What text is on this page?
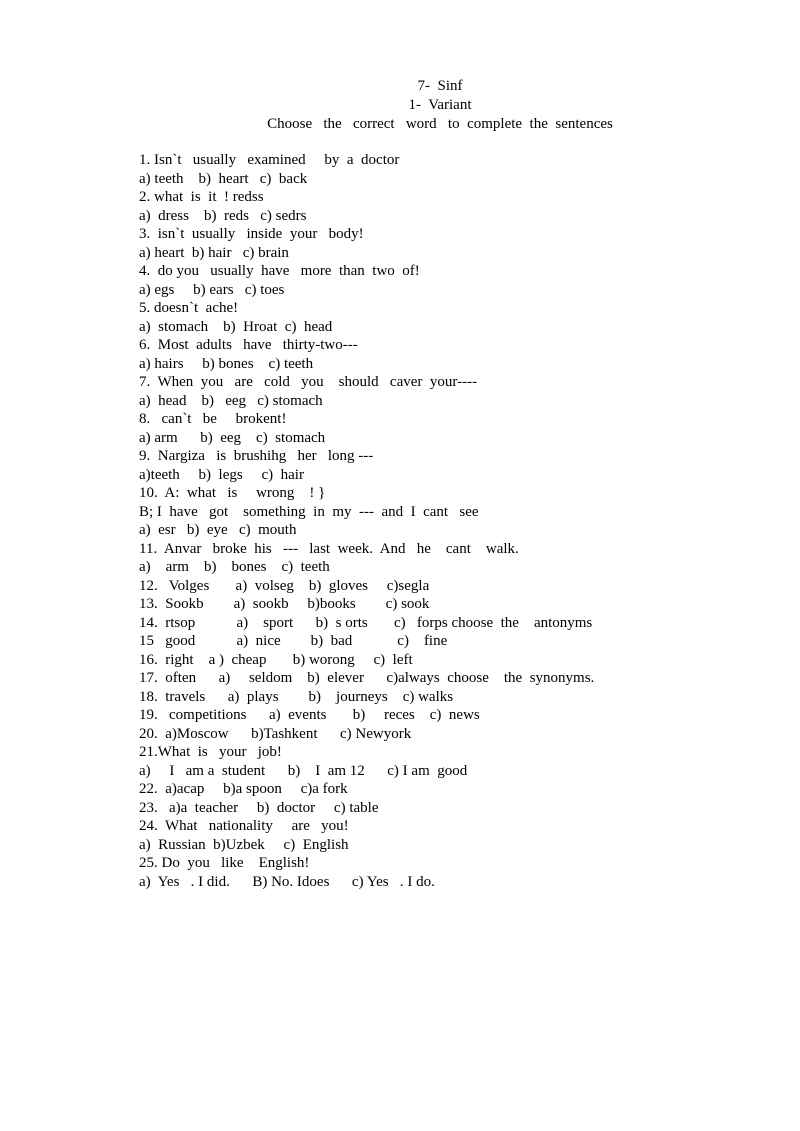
7-  Sinf
1-  Variant
Choose   the   correct   word   to  complete  the  sentences
1. Isn`t   usually   examined     by  a  doctor
a) teeth    b)  heart   c)  back
2. what  is  it  ! redss
a)  dress    b)  reds   c) sedrs
3.  isn`t  usually   inside  your   body!
a) heart  b) hair   c) brain
4.  do you   usually  have   more  than  two  of!
a) egs     b) ears   c) toes
5. doesn`t  ache!
a)  stomach    b)  Hroat  c)  head
6.  Most  adults   have   thirty-two---
a) hairs     b) bones    c) teeth
7.  When  you   are   cold   you    should   caver  your----
a)  head    b)   eeg   c) stomach
8.   can`t   be     brokent!
a) arm      b)  eeg    c)  stomach
9.  Nargiza   is  brushihg   her   long ---
a)teeth     b)  legs     c)  hair
10.  A:  what   is     wrong    ! }
B; I  have   got    something  in  my  ---  and  I  cant   see
a)  esr   b)  eye   c)  mouth
11.  Anvar   broke  his   ---   last  week.  And   he    cant    walk.
a)    arm    b)    bones    c)  teeth
12.   Volges       a)  volseg    b)  gloves     c)segla
13.  Sookb        a)  sookb     b)books        c) sook
14.  rtsop           a)    sport      b)  s orts       c)   forps choose  the    antonyms
15   good           a)  nice        b)  bad            c)    fine
16.  right    a )  cheap       b) worong     c)  left
17.  often      a)     seldom    b)  elever      c)always  choose    the  synonyms.
18.  travels      a)  plays        b)    journeys    c) walks
19.   competitions      a)  events       b)     reces    c)  news
20.  a)Moscow      b)Tashkent      c) Newyork
21.What  is   your   job!
a)     I   am a  student      b)    I  am 12      c) I am  good
22.  a)acap     b)a spoon     c)a fork
23.   a)a  teacher     b)  doctor     c) table
24.  What   nationality     are   you!
a)  Russian  b)Uzbek     c)  English
25. Do  you   like    English!
a)  Yes   . I did.      B) No. Idoes      c) Yes   . I do.
